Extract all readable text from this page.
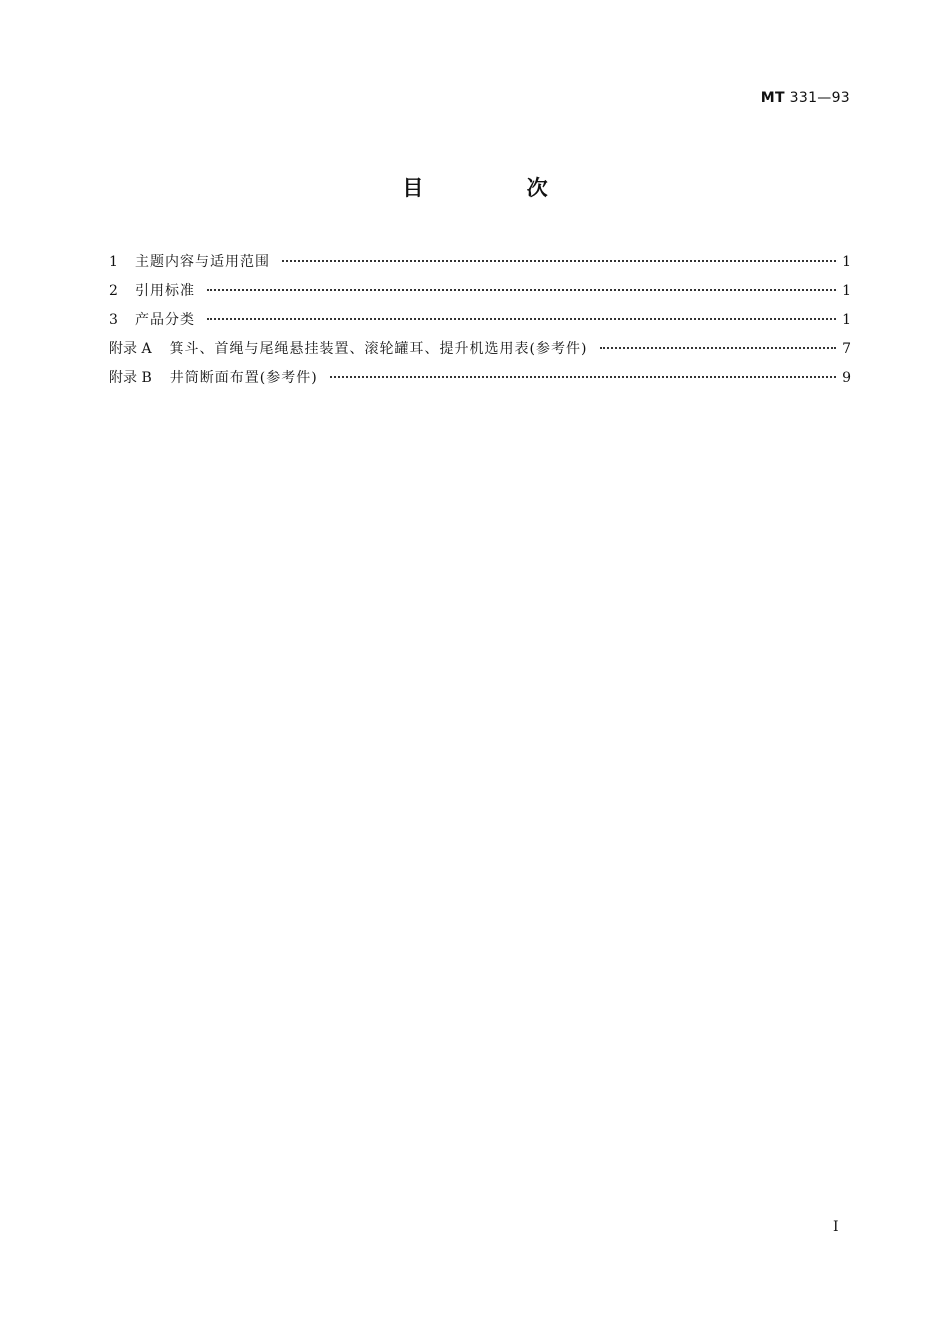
MT 331—93
目 次
1	主题内容与适用范围	1
2	引用标准	1
3	产品分类	1
附录 A 箕斗、首绳与尾绳悬挂装置、滚轮罐耳、提升机选用表(参考件)	7
附录 B 井筒断面布置(参考件)	9
I
